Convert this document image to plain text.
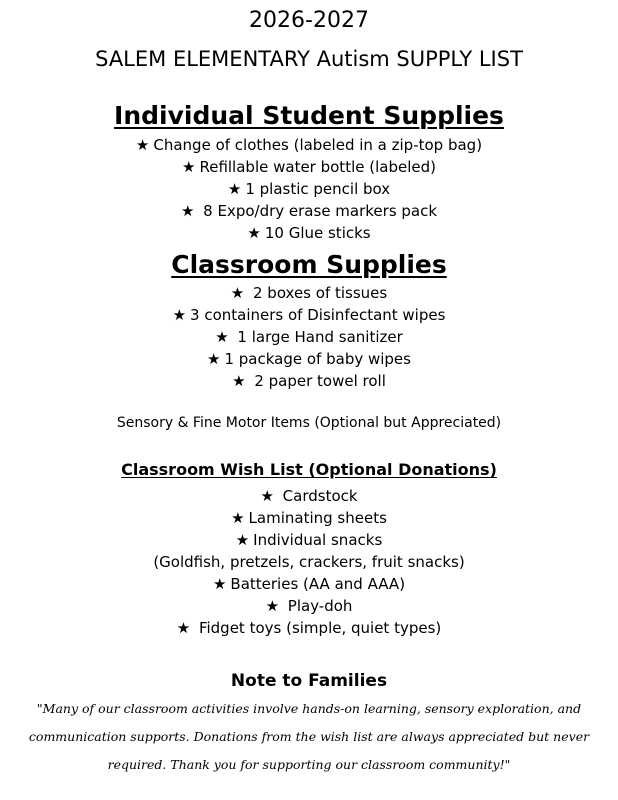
2026-2027
SALEM ELEMENTARY Autism SUPPLY LIST
Individual Student Supplies
★ Change of clothes (labeled in a zip-top bag)
★ Refillable water bottle (labeled)
★ 1 plastic pencil box
★ 8 Expo/dry erase markers pack
★ 10 Glue sticks
Classroom Supplies
★ 2 boxes of tissues
★ 3 containers of Disinfectant wipes
★ 1 large Hand sanitizer
★ 1 package of baby wipes
★ 2 paper towel roll
Sensory & Fine Motor Items (Optional but Appreciated)
Classroom Wish List (Optional Donations)
★ Cardstock
★ Laminating sheets
★ Individual snacks
(Goldfish, pretzels, crackers, fruit snacks)
★ Batteries (AA and AAA)
★ Play-doh
★ Fidget toys (simple, quiet types)
Note to Families
"Many of our classroom activities involve hands-on learning, sensory exploration, and
communication supports. Donations from the wish list are always appreciated but never
required. Thank you for supporting our classroom community!"
